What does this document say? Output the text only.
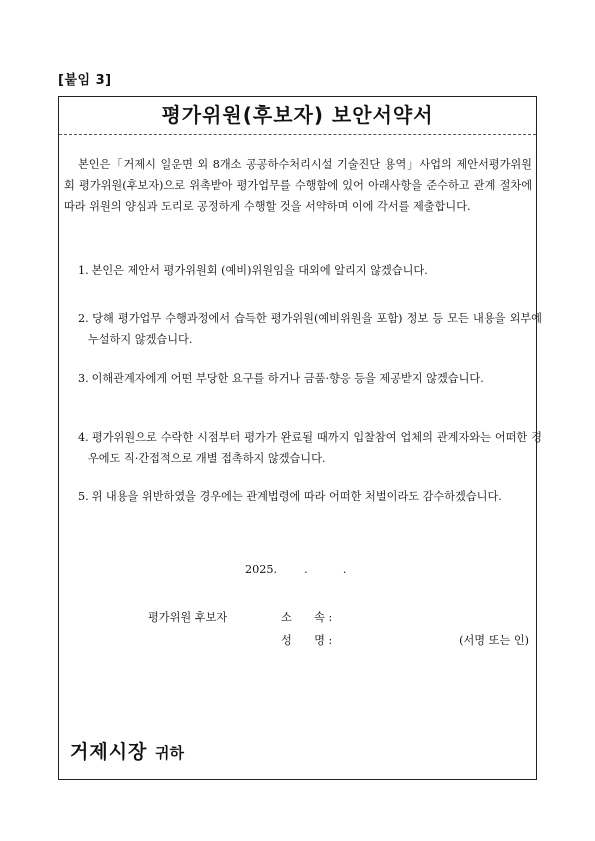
[붙임 3]
평가위원(후보자) 보안서약서

본인은「거제시 일운면 외 8개소 공공하수처리시설 기술진단 용역」사업의 제안서평가위원회 평가위원(후보자)으로 위촉받아 평가업무를 수행함에 있어 아래사항을 준수하고 관계 절차에 따라 위원의 양심과 도리로 공정하게 수행할 것을 서약하며 이에 각서를 제출합니다.

1. 본인은 제안서 평가위원회 (예비)위원임을 대외에 알리지 않겠습니다.

2. 당해 평가업무 수행과정에서 습득한 평가위원(예비위원을 포함) 정보 등 모든 내용을 외부에 누설하지 않겠습니다.

3. 이해관계자에게 어떤 부당한 요구를 하거나 금품·향응 등을 제공받지 않겠습니다.

4. 평가위원으로 수락한 시점부터 평가가 완료될 때까지 입찰참여 업체의 관계자와는 어떠한 경우에도 직·간접적으로 개별 접촉하지 않겠습니다.

5. 위 내용을 위반하였을 경우에는 관계법령에 따라 어떠한 처벌이라도 감수하겠습니다.

2025. .	.
평가위원 후보자	소　　속 :
성　　명 :	(서명 또는 인)
거제시장 귀하
